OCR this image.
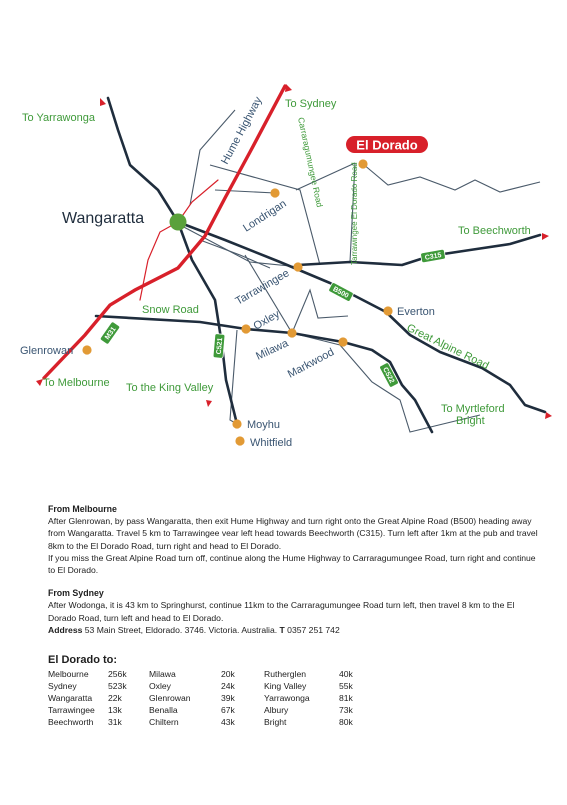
M31
C521
B500
C315
C522
El Dorado
Wangaratta	Londrigan
Tarrawingee
Everton
Oxley
Milawa
Markwood
Glenrowan
Moyhu
Whitfield
Hume Highway
Snow Road
Great Alpine Road
Carraragumungee Road
Tarrawingee El Dorado Road
To Yarrawonga
To Sydney
To Beechworth
To Melbourne To the King Valley
To Myrtleford
Bright
From Melbourne

After Glenrowan, by pass Wangaratta, then exit Hume Highway and turn right onto the Great Alpine Road (B500) heading away from Wangaratta. Travel 5 km to Tarrawingee vear left head towards Beechworth (C315). Turn left after 1km at the pub and travel 8km to the El Dorado Road, turn right and head to El Dorado.

If you miss the Great Alpine Road turn off, continue along the Hume Highway to Carraragumungee Road, turn right and continue to El Dorado.

From Sydney

After Wodonga, it is 43 km to Springhurst, continue 11km to the Carraragumungee Road turn left, then travel 8 km to the El Dorado Road, turn left and head to El Dorado.

Address 53 Main Street, Eldorado. 3746. Victoria. Australia. T 0357 251 742

El Dorado to:
Melbourne	256k	Milawa	20k	Rutherglen	40k
Sydney	523k	Oxley	24k	King Valley	55k
Wangaratta	22k	Glenrowan	39k	Yarrawonga	81k
Tarrawingee	13k	Benalla	67k	Albury	73k
Beechworth	31k	Chiltern	43k	Bright	80k
